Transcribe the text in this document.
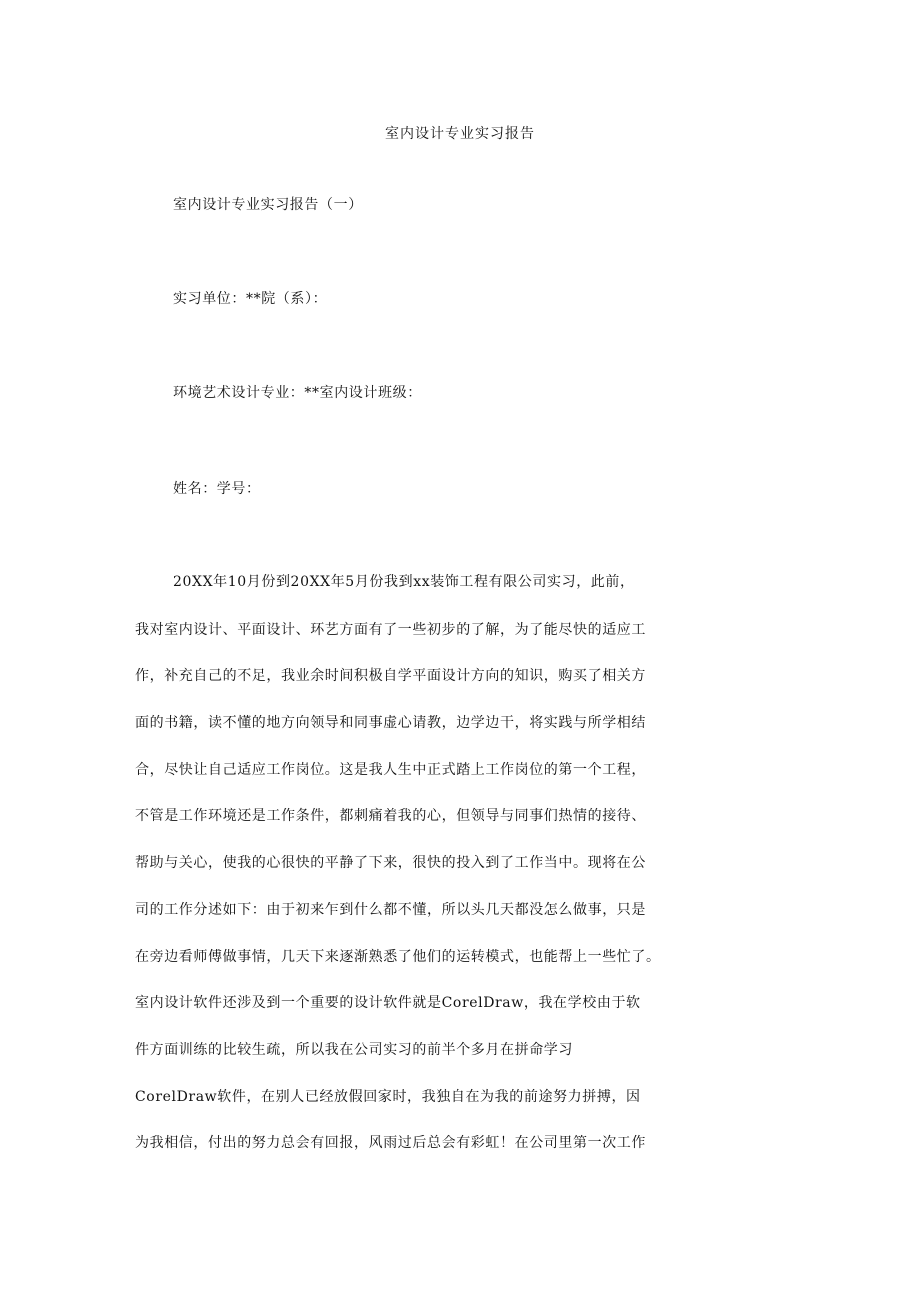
室内设计专业实习报告
室内设计专业实习报告（一）
实习单位：**院（系）：
环境艺术设计专业：**室内设计班级：
姓名：学号：
20XX年10月份到20XX年5月份我到xx装饰工程有限公司实习，此前，
我对室内设计、平面设计、环艺方面有了一些初步的了解，为了能尽快的适应工
作，补充自己的不足，我业余时间积极自学平面设计方向的知识，购买了相关方
面的书籍，读不懂的地方向领导和同事虚心请教，边学边干，将实践与所学相结
合，尽快让自己适应工作岗位。这是我人生中正式踏上工作岗位的第一个工程，
不管是工作环境还是工作条件，都刺痛着我的心，但领导与同事们热情的接待、
帮助与关心，使我的心很快的平静了下来，很快的投入到了工作当中。现将在公
司的工作分述如下：由于初来乍到什么都不懂，所以头几天都没怎么做事，只是
在旁边看师傅做事情，几天下来逐渐熟悉了他们的运转模式，也能帮上一些忙了。
室内设计软件还涉及到一个重要的设计软件就是CorelDraw，我在学校由于软
件方面训练的比较生疏，所以我在公司实习的前半个多月在拼命学习
CorelDraw软件，在别人已经放假回家时，我独自在为我的前途努力拼搏，因
为我相信，付出的努力总会有回报，风雨过后总会有彩虹！在公司里第一次工作
